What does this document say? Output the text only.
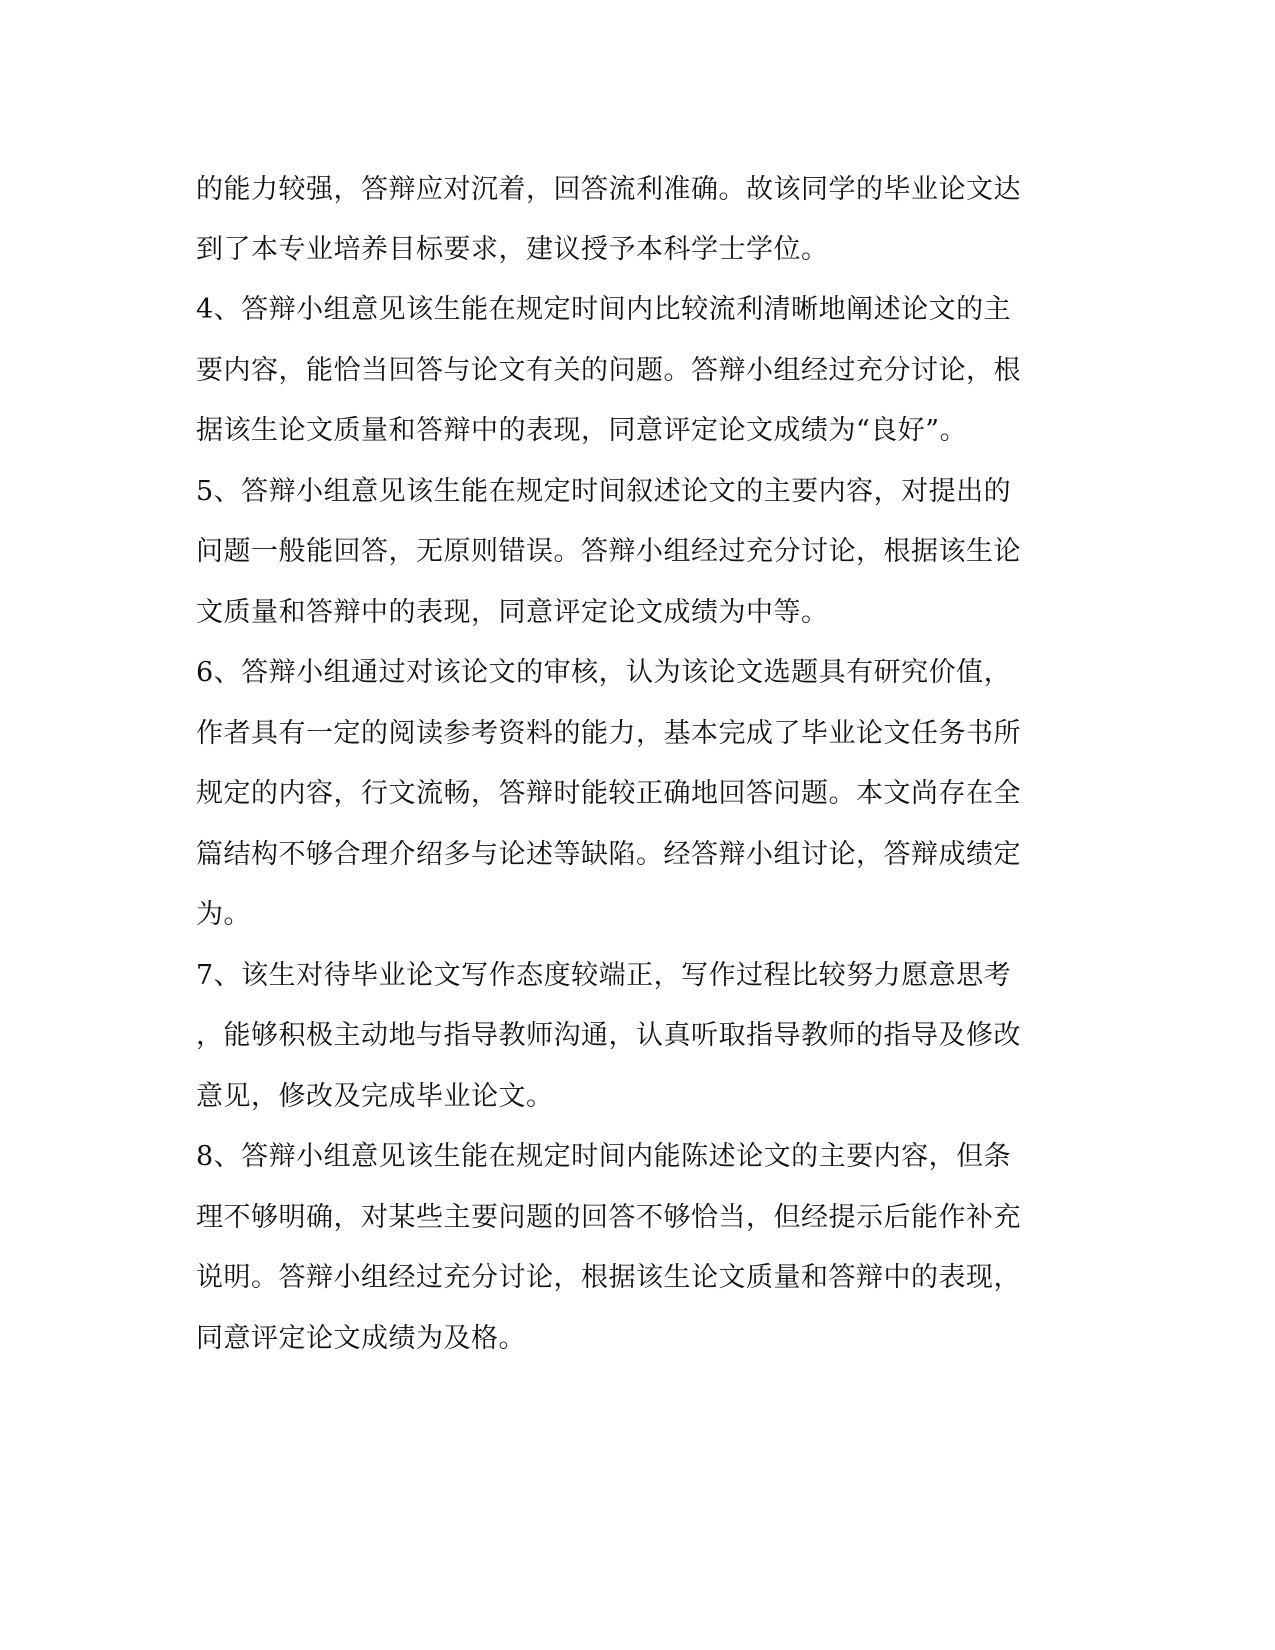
的能力较强，答辩应对沉着，回答流利准确。故该同学的毕业论文达
到了本专业培养目标要求，建议授予本科学士学位。
4、答辩小组意见该生能在规定时间内比较流利清晰地阐述论文的主
要内容，能恰当回答与论文有关的问题。答辩小组经过充分讨论，根
据该生论文质量和答辩中的表现，同意评定论文成绩为“良好”。
5、答辩小组意见该生能在规定时间叙述论文的主要内容，对提出的
问题一般能回答，无原则错误。答辩小组经过充分讨论，根据该生论
文质量和答辩中的表现，同意评定论文成绩为中等。
6、答辩小组通过对该论文的审核，认为该论文选题具有研究价值，
作者具有一定的阅读参考资料的能力，基本完成了毕业论文任务书所
规定的内容，行文流畅，答辩时能较正确地回答问题。本文尚存在全
篇结构不够合理介绍多与论述等缺陷。经答辩小组讨论，答辩成绩定
为。
7、该生对待毕业论文写作态度较端正，写作过程比较努力愿意思考
，能够积极主动地与指导教师沟通，认真听取指导教师的指导及修改
意见，修改及完成毕业论文。
8、答辩小组意见该生能在规定时间内能陈述论文的主要内容，但条
理不够明确，对某些主要问题的回答不够恰当，但经提示后能作补充
说明。答辩小组经过充分讨论，根据该生论文质量和答辩中的表现，
同意评定论文成绩为及格。
